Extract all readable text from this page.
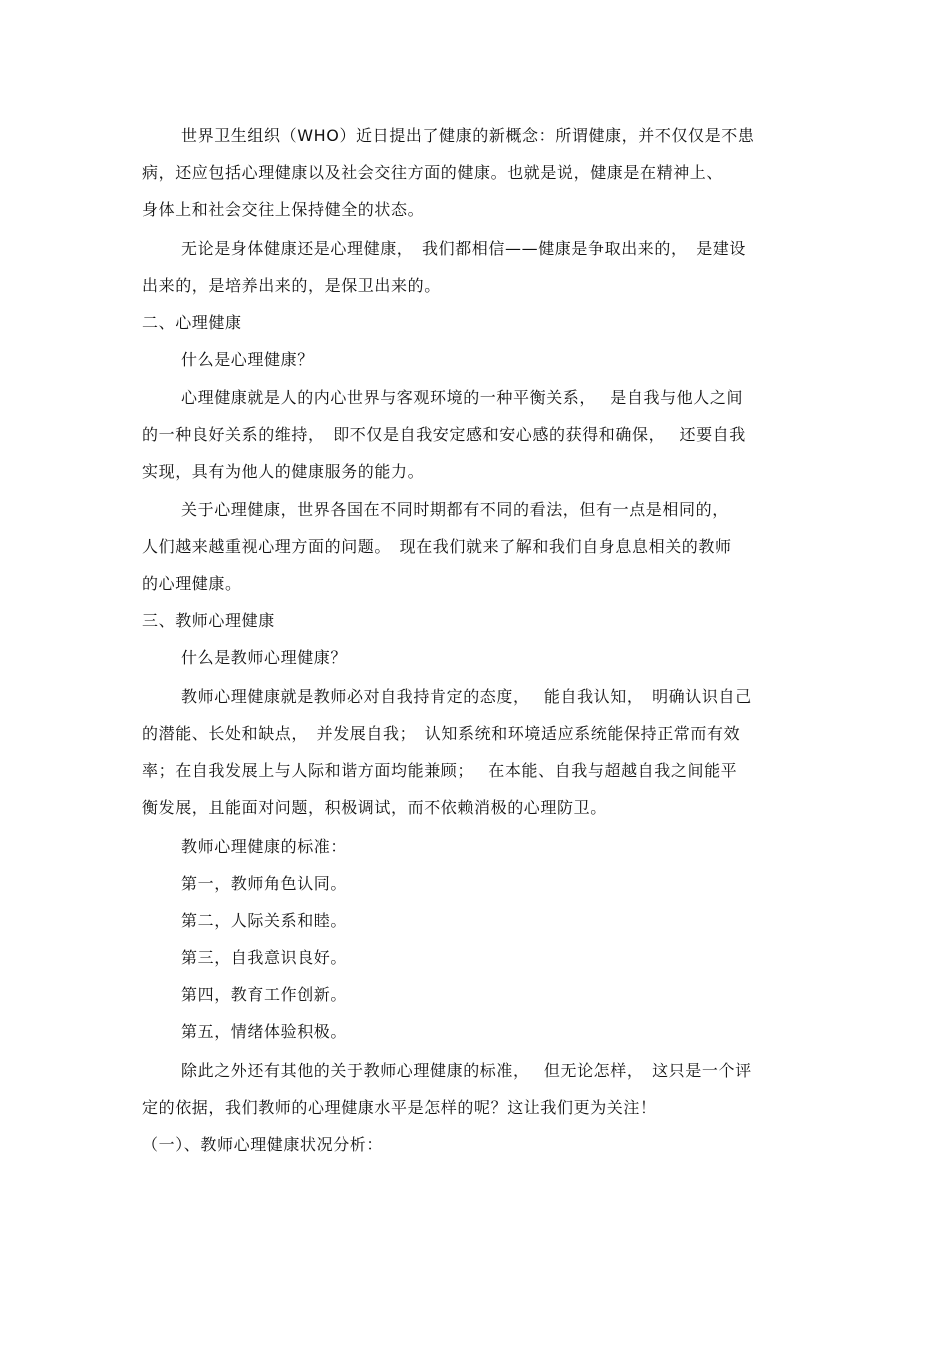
世界卫生组织（WHO）近日提出了健康的新概念：所谓健康，并不仅仅是不患
病，还应包括心理健康以及社会交往方面的健康。也就是说，健康是在精神上、
身体上和社会交往上保持健全的状态。
无论是身体健康还是心理健康，　我们都相信——健康是争取出来的，　是建设
出来的，是培养出来的，是保卫出来的。
二、心理健康
什么是心理健康？
心理健康就是人的内心世界与客观环境的一种平衡关系，　 是自我与他人之间
的一种良好关系的维持，　即不仅是自我安定感和安心感的获得和确保，　 还要自我
实现，具有为他人的健康服务的能力。
关于心理健康，世界各国在不同时期都有不同的看法，但有一点是相同的，
人们越来越重视心理方面的问题。　现在我们就来了解和我们自身息息相关的教师
的心理健康。
三、教师心理健康
什么是教师心理健康？
教师心理健康就是教师必对自我持肯定的态度，　 能自我认知，　明确认识自己
的潜能、长处和缺点，　并发展自我；　认知系统和环境适应系统能保持正常而有效
率；在自我发展上与人际和谐方面均能兼顾；　 在本能、自我与超越自我之间能平
衡发展，且能面对问题，积极调试，而不依赖消极的心理防卫。
教师心理健康的标准：
第一，教师角色认同。
第二，人际关系和睦。
第三，自我意识良好。
第四，教育工作创新。
第五，情绪体验积极。
除此之外还有其他的关于教师心理健康的标准，　 但无论怎样，　这只是一个评
定的依据，我们教师的心理健康水平是怎样的呢？这让我们更为关注！
（一）、教师心理健康状况分析：
